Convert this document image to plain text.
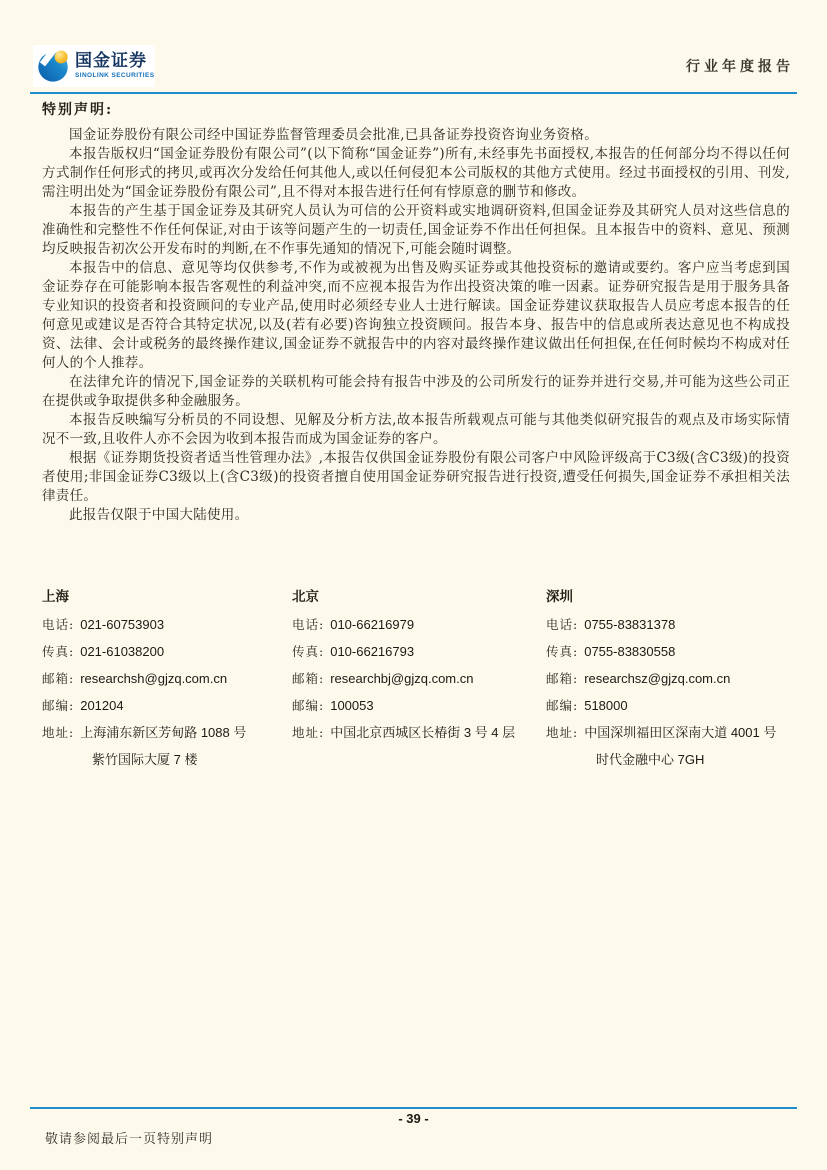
国金证券
SINOLINK SECURITIES
行业年度报告
特别声明:

国金证券股份有限公司经中国证券监督管理委员会批准,已具备证券投资咨询业务资格。

本报告版权归“国金证券股份有限公司”(以下简称“国金证券”)所有,未经事先书面授权,本报告的任何部分均不得以任何方式制作任何形式的拷贝,或再次分发给任何其他人,或以任何侵犯本公司版权的其他方式使用。经过书面授权的引用、刊发,需注明出处为“国金证券股份有限公司”,且不得对本报告进行任何有悖原意的删节和修改。

本报告的产生基于国金证券及其研究人员认为可信的公开资料或实地调研资料,但国金证券及其研究人员对这些信息的准确性和完整性不作任何保证,对由于该等问题产生的一切责任,国金证券不作出任何担保。且本报告中的资料、意见、预测均反映报告初次公开发布时的判断,在不作事先通知的情况下,可能会随时调整。

本报告中的信息、意见等均仅供参考,不作为或被视为出售及购买证券或其他投资标的邀请或要约。客户应当考虑到国金证券存在可能影响本报告客观性的利益冲突,而不应视本报告为作出投资决策的唯一因素。证券研究报告是用于服务具备专业知识的投资者和投资顾问的专业产品,使用时必须经专业人士进行解读。国金证券建议获取报告人员应考虑本报告的任何意见或建议是否符合其特定状况,以及(若有必要)咨询独立投资顾问。报告本身、报告中的信息或所表达意见也不构成投资、法律、会计或税务的最终操作建议,国金证券不就报告中的内容对最终操作建议做出任何担保,在任何时候均不构成对任何人的个人推荐。

在法律允许的情况下,国金证券的关联机构可能会持有报告中涉及的公司所发行的证券并进行交易,并可能为这些公司正在提供或争取提供多种金融服务。

本报告反映编写分析员的不同设想、见解及分析方法,故本报告所载观点可能与其他类似研究报告的观点及市场实际情况不一致,且收件人亦不会因为收到本报告而成为国金证券的客户。

根据《证券期货投资者适当性管理办法》,本报告仅供国金证券股份有限公司客户中风险评级高于C3级(含C3级)的投资者使用;非国金证券C3级以上(含C3级)的投资者擅自使用国金证券研究报告进行投资,遭受任何损失,国金证券不承担相关法律责任。

此报告仅限于中国大陆使用。

上海
电话: 021-60753903
传真: 021-61038200
邮箱: researchsh@gjzq.com.cn
邮编: 201204
地址: 上海浦东新区芳甸路 1088 号
紫竹国际大厦 7 楼
北京
电话: 010-66216979
传真: 010-66216793
邮箱: researchbj@gjzq.com.cn
邮编: 100053
地址: 中国北京西城区长椿街 3 号 4 层
深圳
电话: 0755-83831378
传真: 0755-83830558
邮箱: researchsz@gjzq.com.cn
邮编: 518000
地址: 中国深圳福田区深南大道 4001 号
时代金融中心 7GH
- 39 -
敬请参阅最后一页特别声明
